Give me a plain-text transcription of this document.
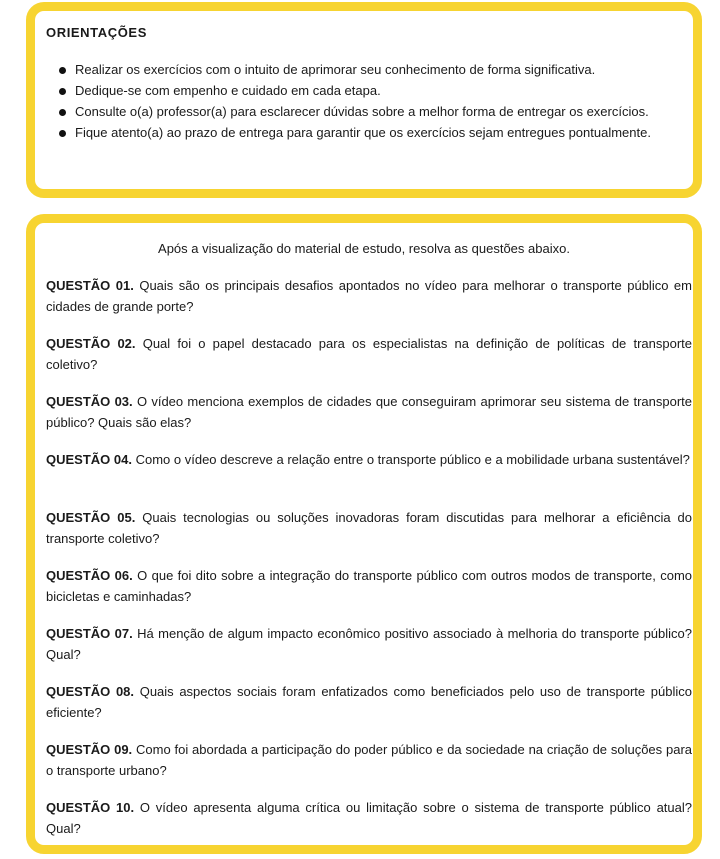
ORIENTAÇÕES
Realizar os exercícios com o intuito de aprimorar seu conhecimento de forma significativa.
Dedique-se com empenho e cuidado em cada etapa.
Consulte o(a) professor(a) para esclarecer dúvidas sobre a melhor forma de entregar os exercícios.
Fique atento(a) ao prazo de entrega para garantir que os exercícios sejam entregues pontualmente.
Após a visualização do material de estudo, resolva as questões abaixo.

QUESTÃO 01. Quais são os principais desafios apontados no vídeo para melhorar o transporte público em cidades de grande porte?

QUESTÃO 02. Qual foi o papel destacado para os especialistas na definição de políticas de transporte coletivo?

QUESTÃO 03. O vídeo menciona exemplos de cidades que conseguiram aprimorar seu sistema de transporte público? Quais são elas?

QUESTÃO 04. Como o vídeo descreve a relação entre o transporte público e a mobilidade urbana sustentável?

QUESTÃO 05. Quais tecnologias ou soluções inovadoras foram discutidas para melhorar a eficiência do transporte coletivo?

QUESTÃO 06. O que foi dito sobre a integração do transporte público com outros modos de transporte, como bicicletas e caminhadas?

QUESTÃO 07. Há menção de algum impacto econômico positivo associado à melhoria do transporte público? Qual?

QUESTÃO 08. Quais aspectos sociais foram enfatizados como beneficiados pelo uso de transporte público eficiente?

QUESTÃO 09. Como foi abordada a participação do poder público e da sociedade na criação de soluções para o transporte urbano?

QUESTÃO 10. O vídeo apresenta alguma crítica ou limitação sobre o sistema de transporte público atual? Qual?
